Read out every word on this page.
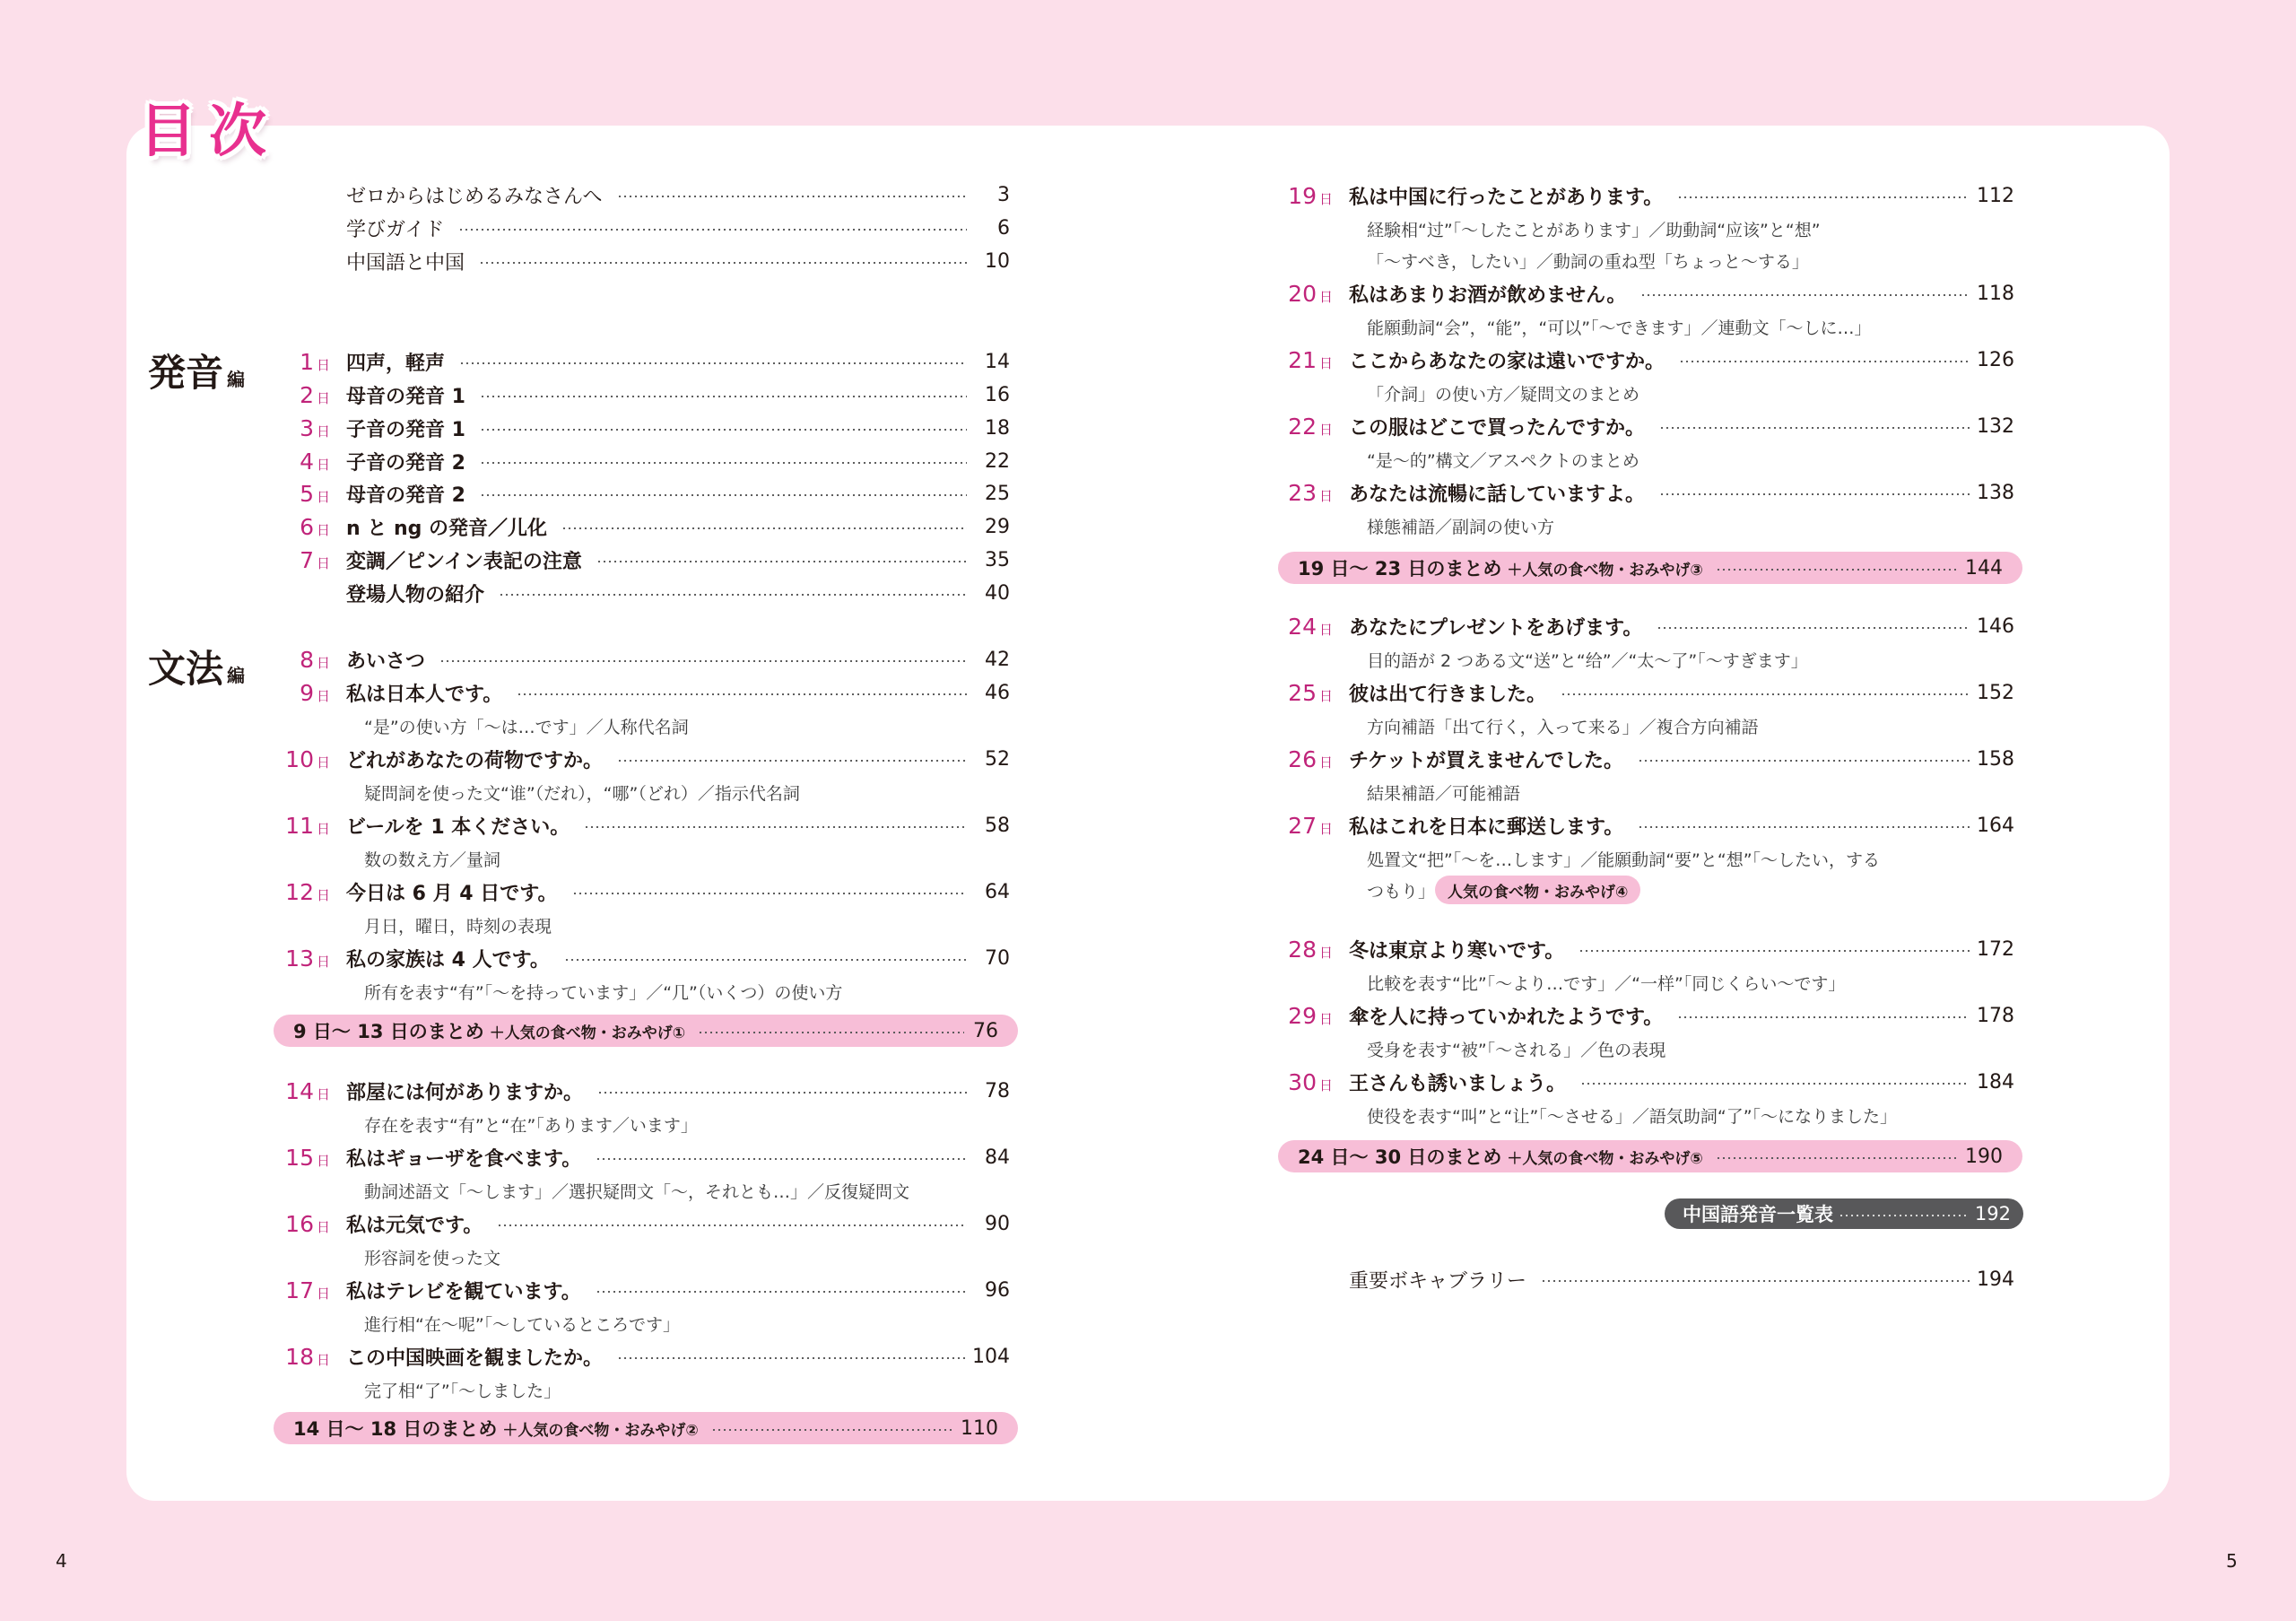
目次
発音 編
文法 編
ゼロからはじめるみなさんへ	3
学びガイド	6
中国語と中国	10
1 日 四声，軽声	14
2 日 母音の発音 1	16
3 日 子音の発音 1	18
4 日 子音の発音 2	22
5 日 母音の発音 2	25
6 日 n と ng の発音／儿化	29
7 日 変調／ピンイン表記の注意	35
登場人物の紹介	40
8 日 あいさつ	42
9 日 私は日本人です。	46
“是”の使い方「～は…です」／人称代名詞
10 日 どれがあなたの荷物ですか。	52
疑問詞を使った文“谁”（だれ），“哪”（どれ）／指示代名詞
11 日 ビールを 1 本ください。	58
数の数え方／量詞
12 日 今日は 6 月 4 日です。	64
月日，曜日，時刻の表現
13 日 私の家族は 4 人です。	70
所有を表す“有”「～を持っています」／“几”（いくつ）の使い方
9 日～ 13 日のまとめ ＋人気の食べ物・おみやげ①	76
14 日 部屋には何がありますか。	78
存在を表す“有”と“在”「あります／います」
15 日 私はギョーザを食べます。	84
動詞述語文「～します」／選択疑問文「～，それとも…」／反復疑問文
16 日 私は元気です。	90
形容詞を使った文
17 日 私はテレビを観ています。	96
進行相“在～呢”「～しているところです」
18 日 この中国映画を観ましたか。	104
完了相“了”「～しました」
14 日～ 18 日のまとめ ＋人気の食べ物・おみやげ②	110
19 日 私は中国に行ったことがあります。	112
経験相“过”「～したことがあります」／助動詞“应该”と“想”
「～すべき，したい」／動詞の重ね型「ちょっと～する」
20 日 私はあまりお酒が飲めません。	118
能願動詞“会”，“能”，“可以”「～できます」／連動文「～しに…」
21 日 ここからあなたの家は遠いですか。	126
「介詞」の使い方／疑問文のまとめ
22 日 この服はどこで買ったんですか。	132
“是～的”構文／アスペクトのまとめ
23 日 あなたは流暢に話していますよ。	138
様態補語／副詞の使い方
19 日～ 23 日のまとめ ＋人気の食べ物・おみやげ③	144
24 日 あなたにプレゼントをあげます。	146
目的語が 2 つある文“送”と“给”／“太～了”「～すぎます」
25 日 彼は出て行きました。	152
方向補語「出て行く，入って来る」／複合方向補語
26 日 チケットが買えませんでした。	158
結果補語／可能補語
27 日 私はこれを日本に郵送します。	164
処置文“把”「～を…します」／能願動詞“要”と“想”「～したい，する
つもり」 人気の食べ物・おみやげ④
28 日 冬は東京より寒いです。	172
比較を表す“比”「～より…です」／“一样”「同じくらい～です」
29 日 傘を人に持っていかれたようです。	178
受身を表す“被”「～される」／色の表現
30 日 王さんも誘いましょう。	184
使役を表す“叫”と“让”「～させる」／語気助詞“了”「～になりました」
24 日～ 30 日のまとめ ＋人気の食べ物・おみやげ⑤	190
中国語発音一覧表	192
重要ボキャブラリー	194
4	5
